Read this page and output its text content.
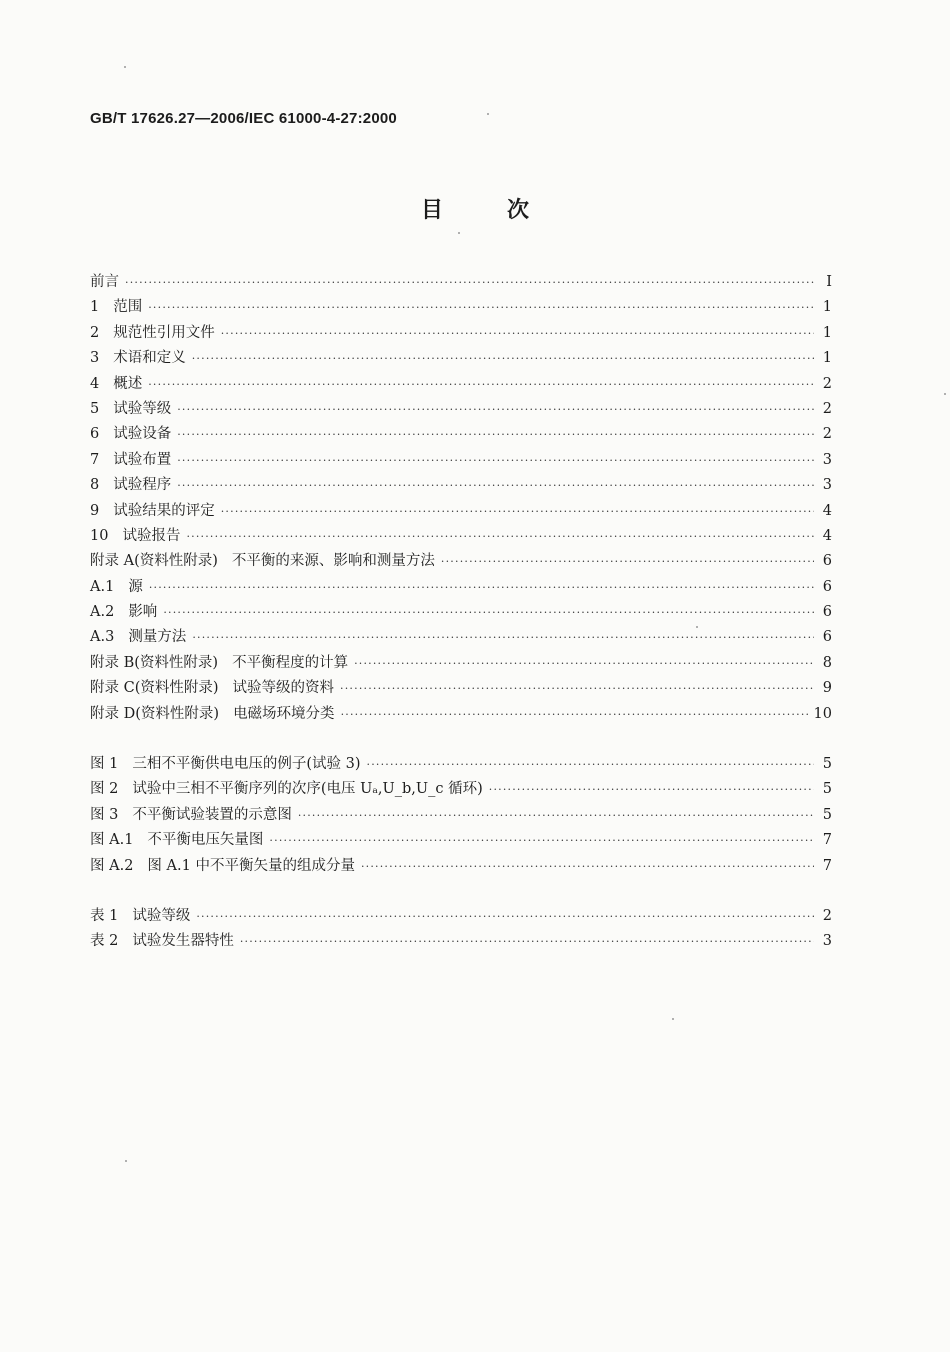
GB/T 17626.27—2006/IEC 61000-4-27:2000
目	次
前言 ·····	I
1 范围 ·····	1
2 规范性引用文件 ·····	1
3 术语和定义 ·····	1
4 概述 ·····	2
5 试验等级 ·····	2
6 试验设备 ·····	2
7 试验布置 ·····	3
8 试验程序 ·····	3
9 试验结果的评定 ·····	4
10 试验报告 ·····	4
附录 A(资料性附录) 不平衡的来源、影响和测量方法 ·····	6
A.1 源 ·····	6
A.2 影响 ·····	6
A.3 测量方法 ·····	6
附录 B(资料性附录) 不平衡程度的计算 ·····	8
附录 C(资料性附录) 试验等级的资料 ·····	9
附录 D(资料性附录) 电磁场环境分类 ·····	10
图 1 三相不平衡供电电压的例子(试验 3) ·····	5
图 2 试验中三相不平衡序列的次序(电压 Uₐ,U_b,U_c 循环) ·····	5
图 3 不平衡试验装置的示意图 ·····	5
图 A.1 不平衡电压矢量图 ·····	7
图 A.2 图 A.1 中不平衡矢量的组成分量 ·····	7
表 1 试验等级 ·····	2
表 2 试验发生器特性 ·····	3
